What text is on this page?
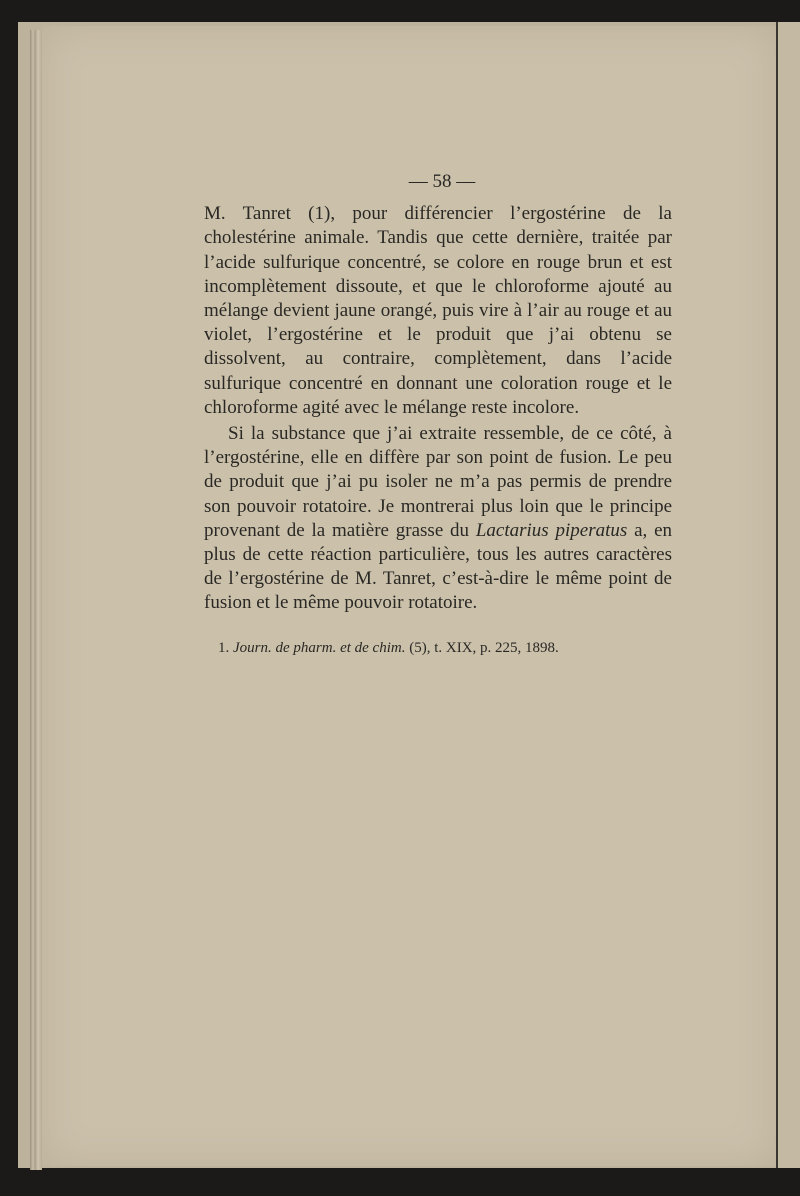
— 58 —

M. Tanret (1), pour différencier l’ergostérine de la cholestérine animale. Tandis que cette dernière, traitée par l’acide sulfurique concentré, se colore en rouge brun et est incomplètement dissoute, et que le chloroforme ajouté au mélange devient jaune orangé, puis vire à l’air au rouge et au violet, l’ergostérine et le produit que j’ai obtenu se dissolvent, au contraire, complètement, dans l’acide sulfurique concentré en donnant une coloration rouge et le chloroforme agité avec le mélange reste incolore.

Si la substance que j’ai extraite ressemble, de ce côté, à l’ergostérine, elle en diffère par son point de fusion. Le peu de produit que j’ai pu isoler ne m’a pas permis de prendre son pouvoir rotatoire. Je montrerai plus loin que le principe provenant de la matière grasse du Lactarius piperatus a, en plus de cette réaction particulière, tous les autres caractères de l’ergostérine de M. Tanret, c’est-à-dire le même point de fusion et le même pouvoir rotatoire.

1. Journ. de pharm. et de chim. (5), t. XIX, p. 225, 1898.
